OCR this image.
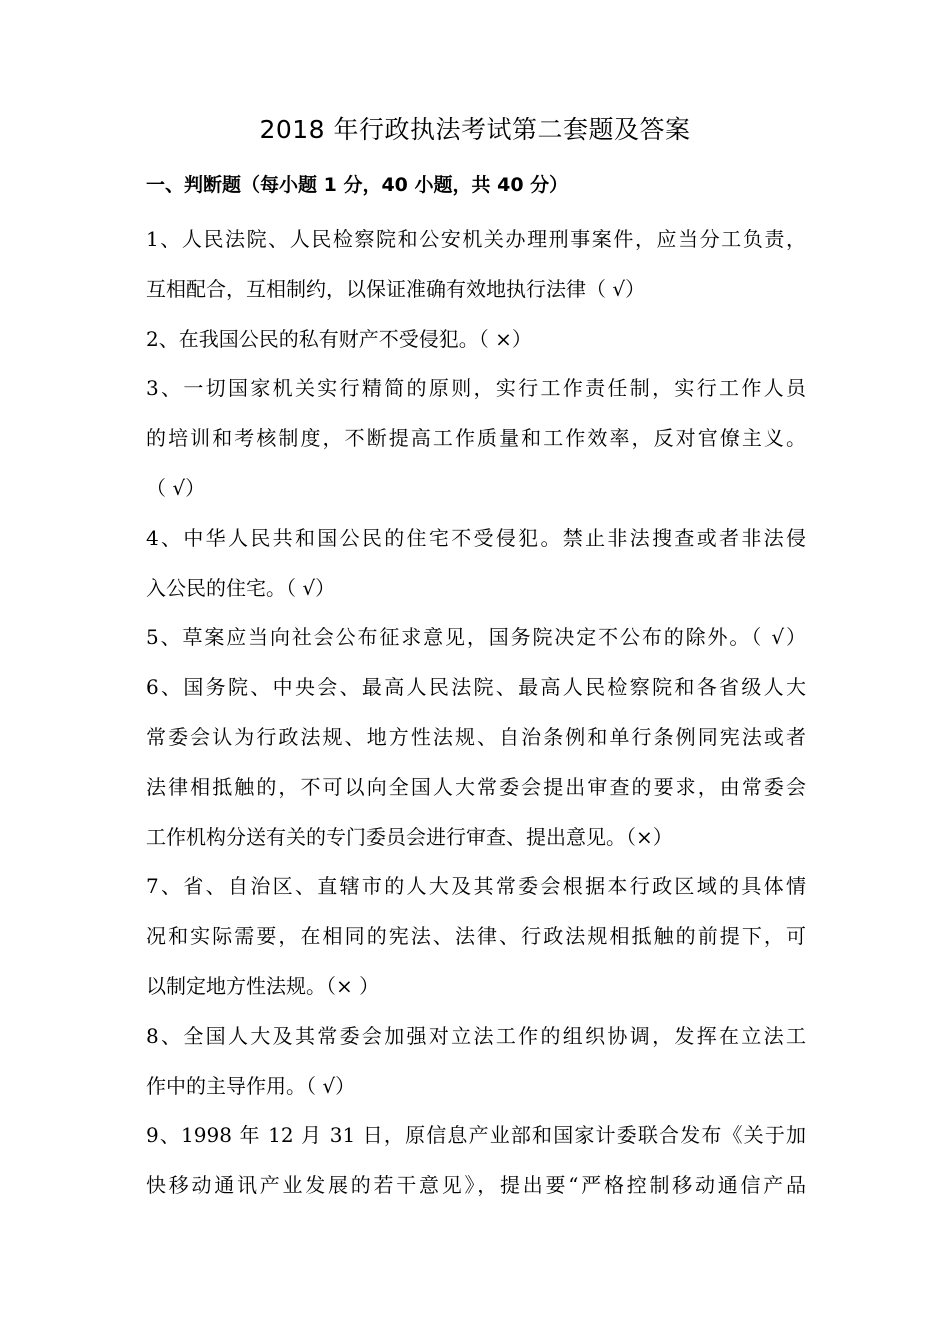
2018 年行政执法考试第二套题及答案
一、判断题（每小题 1 分，40 小题，共 40 分）
1、人民法院、人民检察院和公安机关办理刑事案件，应当分工负责，
互相配合，互相制约，以保证准确有效地执行法律（ √）
2、在我国公民的私有财产不受侵犯。（ ×）
3、一切国家机关实行精简的原则，实行工作责任制，实行工作人员
的培训和考核制度，不断提高工作质量和工作效率，反对官僚主义。
（ √）
4、中华人民共和国公民的住宅不受侵犯。禁止非法搜查或者非法侵
入公民的住宅。（ √）
5、草案应当向社会公布征求意见，国务院决定不公布的除外。（ √）
6、国务院、中央会、最高人民法院、最高人民检察院和各省级人大
常委会认为行政法规、地方性法规、自治条例和单行条例同宪法或者
法律相抵触的，不可以向全国人大常委会提出审查的要求，由常委会
工作机构分送有关的专门委员会进行审查、提出意见。（×）
7、省、自治区、直辖市的人大及其常委会根据本行政区域的具体情
况和实际需要，在相同的宪法、法律、行政法规相抵触的前提下，可
以制定地方性法规。（× ）
8、全国人大及其常委会加强对立法工作的组织协调，发挥在立法工
作中的主导作用。（ √）
9、1998 年 12 月 31 日，原信息产业部和国家计委联合发布《关于加
快移动通讯产业发展的若干意见》，提出要“严格控制移动通信产品
